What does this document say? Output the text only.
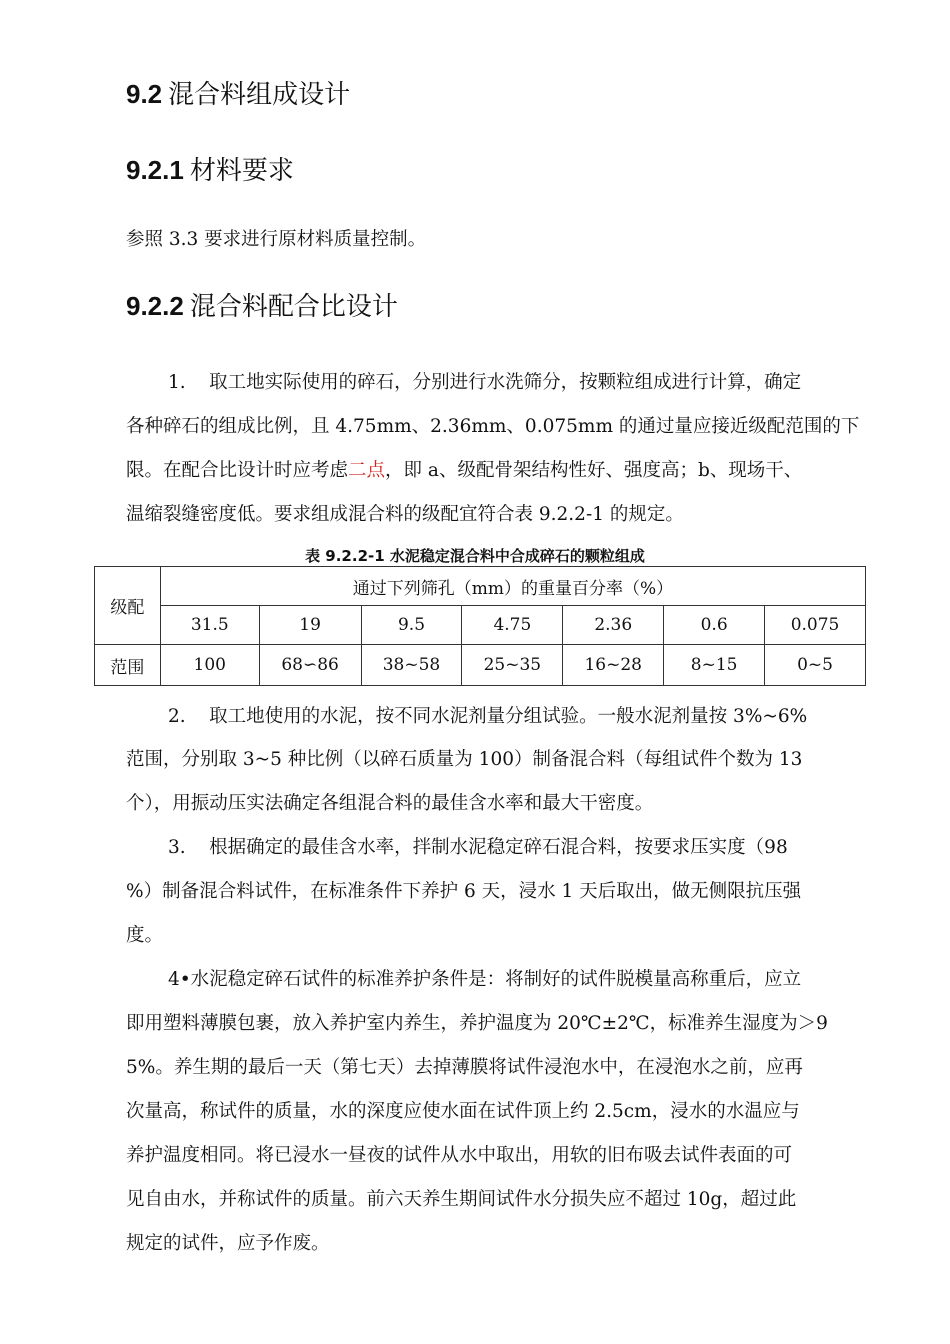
9.2 混合料组成设计
9.2.1 材料要求
参照 3.3 要求进行原材料质量控制。
9.2.2 混合料配合比设计
1.    取工地实际使用的碎石，分别进行水洗筛分，按颗粒组成进行计算，确定
各种碎石的组成比例，且 4.75mm、2.36mm、0.075mm 的通过量应接近级配范围的下
限。在配合比设计时应考虑二点，即 a、级配骨架结构性好、强度高；b、现场干、
温缩裂缝密度低。要求组成混合料的级配宜符合表 9.2.2-1 的规定。
表 9.2.2-1 水泥稳定混合料中合成碎石的颗粒组成
级配	通过下列筛孔（mm）的重量百分率（%）						
	31.5	19	9.5	4.75	2.36	0.6	0.075
范围	100	68∽86	38~58	25~35	16~28	8~15	0~5
2.    取工地使用的水泥，按不同水泥剂量分组试验。一般水泥剂量按 3%~6%
范围，分别取 3~5 种比例（以碎石质量为 100）制备混合料（每组试件个数为 13
个），用振动压实法确定各组混合料的最佳含水率和最大干密度。
3.    根据确定的最佳含水率，拌制水泥稳定碎石混合料，按要求压实度（98
%）制备混合料试件，在标准条件下养护 6 天，浸水 1 天后取出，做无侧限抗压强
度。
4•水泥稳定碎石试件的标准养护条件是：将制好的试件脱模量高称重后，应立
即用塑料薄膜包裹，放入养护室内养生，养护温度为 20℃±2℃，标准养生湿度为＞9
5%。养生期的最后一天（第七天）去掉薄膜将试件浸泡水中，在浸泡水之前，应再
次量高，称试件的质量，水的深度应使水面在试件顶上约 2.5cm，浸水的水温应与
养护温度相同。将已浸水一昼夜的试件从水中取出，用软的旧布吸去试件表面的可
见自由水，并称试件的质量。前六天养生期间试件水分损失应不超过 10g，超过此
规定的试件，应予作废。
